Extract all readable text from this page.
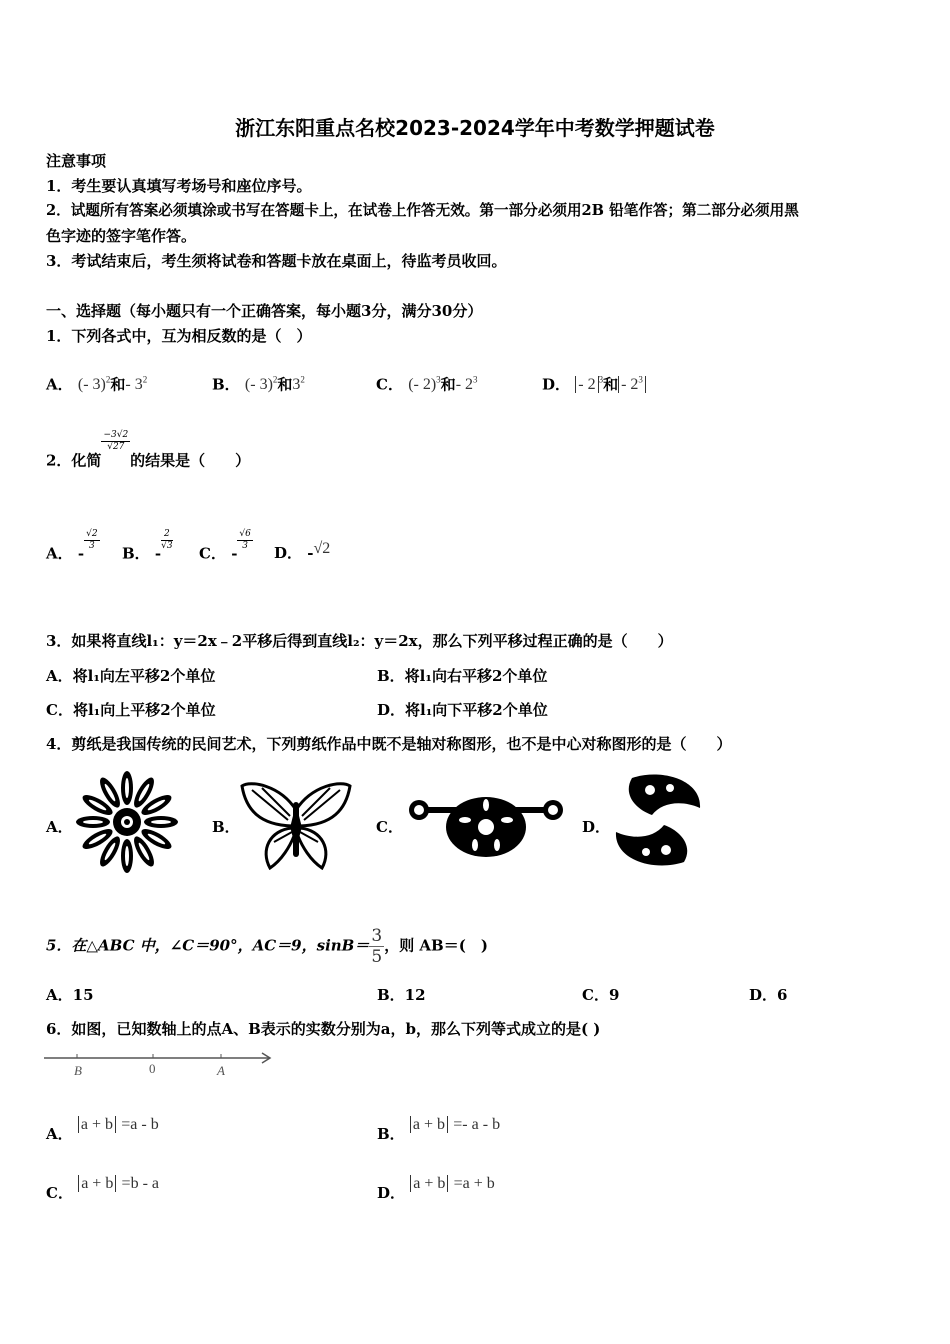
浙江东阳重点名校2023-2024学年中考数学押题试卷
注意事项
1．考生要认真填写考场号和座位序号。
2．试题所有答案必须填涂或书写在答题卡上，在试卷上作答无效。第一部分必须用2B 铅笔作答；第二部分必须用黑
色字迹的签字笔作答。
3．考试结束后，考生须将试卷和答题卡放在桌面上，待监考员收回。
一、选择题（每小题只有一个正确答案，每小题3分，满分30分）
1．下列各式中，互为相反数的是（　）
A． (- 3)$^2$和- $3^2$	B． (- 3)$^2$和$3^2$	C． (- 2)$^3$和- $2^3$	D． - 2 $^3$和 - $2^3$
2．化简
$\frac{-3√2}{√27}$
的结果是（　　）
A． -
$\frac{√2}{3}$
B． -
$\frac{2}{√3}$
C． -
$\frac{√6}{3}$
D． -√2
3．如果将直线l₁：y＝2x﹣2平移后得到直线l₂：y＝2x，那么下列平移过程正确的是（　　）
A．将l₁向左平移2个单位	B．将l₁向右平移2个单位
C．将l₁向上平移2个单位	D．将l₁向下平移2个单位
4．剪纸是我国传统的民间艺术，下列剪纸作品中既不是轴对称图形，也不是中心对称图形的是（　　）
A．	B．	C．	D．
5．在△ABC 中，∠C＝90°，AC＝9，$\sin B= \frac{3}{5}$ ，则 AB＝(　)
A．15	B．12	C．9	D．6
6．如图，已知数轴上的点A、B表示的实数分别为a，b，那么下列等式成立的是( )
B	0	A
A． a + b =a - b
B． a + b =- a - b
C． a + b =b - a
D． a + b =a + b
